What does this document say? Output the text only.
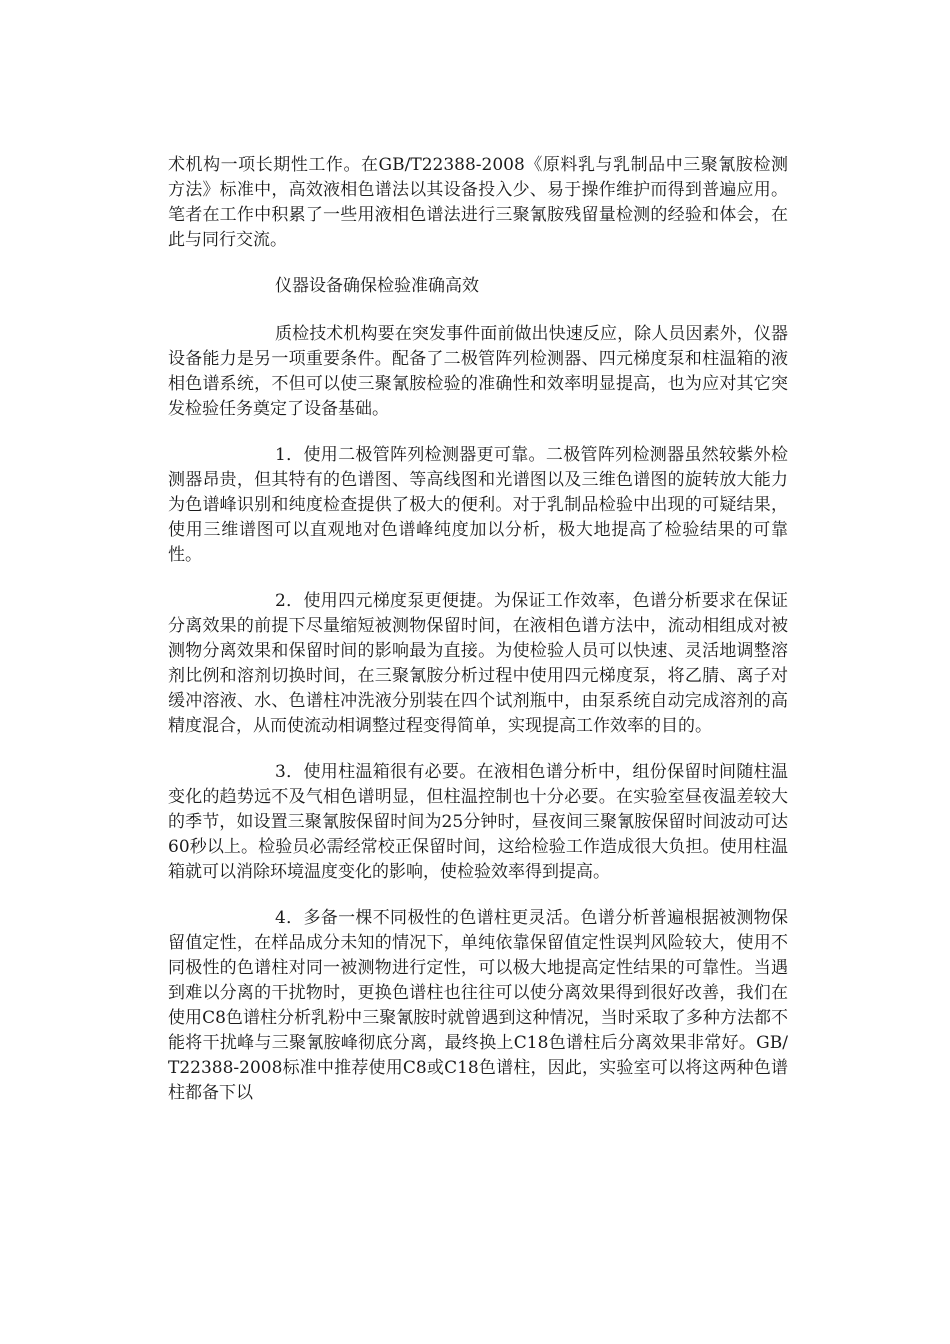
术机构一项长期性工作。在GB/T22388-2008《原料乳与乳制品中三聚氰胺检测方法》标准中，高效液相色谱法以其设备投入少、易于操作维护而得到普遍应用。笔者在工作中积累了一些用液相色谱法进行三聚氰胺残留量检测的经验和体会，在此与同行交流。

仪器设备确保检验准确高效

质检技术机构要在突发事件面前做出快速反应，除人员因素外，仪器设备能力是另一项重要条件。配备了二极管阵列检测器、四元梯度泵和柱温箱的液相色谱系统，不但可以使三聚氰胺检验的准确性和效率明显提高，也为应对其它突发检验任务奠定了设备基础。

1．使用二极管阵列检测器更可靠。二极管阵列检测器虽然较紫外检测器昂贵，但其特有的色谱图、等高线图和光谱图以及三维色谱图的旋转放大能力为色谱峰识别和纯度检查提供了极大的便利。对于乳制品检验中出现的可疑结果，使用三维谱图可以直观地对色谱峰纯度加以分析，极大地提高了检验结果的可靠性。

2．使用四元梯度泵更便捷。为保证工作效率，色谱分析要求在保证分离效果的前提下尽量缩短被测物保留时间，在液相色谱方法中，流动相组成对被测物分离效果和保留时间的影响最为直接。为使检验人员可以快速、灵活地调整溶剂比例和溶剂切换时间，在三聚氰胺分析过程中使用四元梯度泵，将乙腈、离子对缓冲溶液、水、色谱柱冲洗液分别装在四个试剂瓶中，由泵系统自动完成溶剂的高精度混合，从而使流动相调整过程变得简单，实现提高工作效率的目的。

3．使用柱温箱很有必要。在液相色谱分析中，组份保留时间随柱温变化的趋势远不及气相色谱明显，但柱温控制也十分必要。在实验室昼夜温差较大的季节，如设置三聚氰胺保留时间为25分钟时，昼夜间三聚氰胺保留时间波动可达60秒以上。检验员必需经常校正保留时间，这给检验工作造成很大负担。使用柱温箱就可以消除环境温度变化的影响，使检验效率得到提高。

4．多备一棵不同极性的色谱柱更灵活。色谱分析普遍根据被测物保留值定性，在样品成分未知的情况下，单纯依靠保留值定性误判风险较大，使用不同极性的色谱柱对同一被测物进行定性，可以极大地提高定性结果的可靠性。当遇到难以分离的干扰物时，更换色谱柱也往往可以使分离效果得到很好改善，我们在使用C8色谱柱分析乳粉中三聚氰胺时就曾遇到这种情况，当时采取了多种方法都不能将干扰峰与三聚氰胺峰彻底分离，最终换上C18色谱柱后分离效果非常好。GB/T22388-2008标准中推荐使用C8或C18色谱柱，因此，实验室可以将这两种色谱柱都备下以
